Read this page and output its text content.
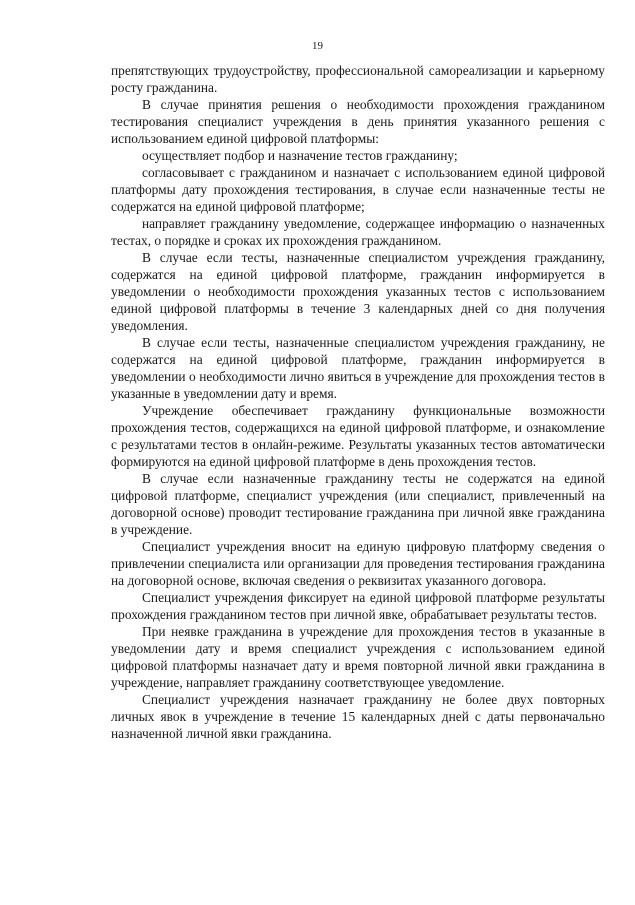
19

препятствующих трудоустройству, профессиональной самореализации и карьерному росту гражданина.

В случае принятия решения о необходимости прохождения гражданином тестирования специалист учреждения в день принятия указанного решения с использованием единой цифровой платформы:

осуществляет подбор и назначение тестов гражданину;

согласовывает с гражданином и назначает с использованием единой цифровой платформы дату прохождения тестирования, в случае если назначенные тесты не содержатся на единой цифровой платформе;

направляет гражданину уведомление, содержащее информацию о назначенных тестах, о порядке и сроках их прохождения гражданином.

В случае если тесты, назначенные специалистом учреждения гражданину, содержатся на единой цифровой платформе, гражданин информируется в уведомлении о необходимости прохождения указанных тестов с использованием единой цифровой платформы в течение 3 календарных дней со дня получения уведомления.

В случае если тесты, назначенные специалистом учреждения гражданину, не содержатся на единой цифровой платформе, гражданин информируется в уведомлении о необходимости лично явиться в учреждение для прохождения тестов в указанные в уведомлении дату и время.

Учреждение обеспечивает гражданину функциональные возможности прохождения тестов, содержащихся на единой цифровой платформе, и ознакомление с результатами тестов в онлайн-режиме. Результаты указанных тестов автоматически формируются на единой цифровой платформе в день прохождения тестов.

В случае если назначенные гражданину тесты не содержатся на единой цифровой платформе, специалист учреждения (или специалист, привлеченный на договорной основе) проводит тестирование гражданина при личной явке гражданина в учреждение.

Специалист учреждения вносит на единую цифровую платформу сведения о привлечении специалиста или организации для проведения тестирования гражданина на договорной основе, включая сведения о реквизитах указанного договора.

Специалист учреждения фиксирует на единой цифровой платформе результаты прохождения гражданином тестов при личной явке, обрабатывает результаты тестов.

При неявке гражданина в учреждение для прохождения тестов в указанные в уведомлении дату и время специалист учреждения с использованием единой цифровой платформы назначает дату и время повторной личной явки гражданина в учреждение, направляет гражданину соответствующее уведомление.

Специалист учреждения назначает гражданину не более двух повторных личных явок в учреждение в течение 15 календарных дней с даты первоначально назначенной личной явки гражданина.
